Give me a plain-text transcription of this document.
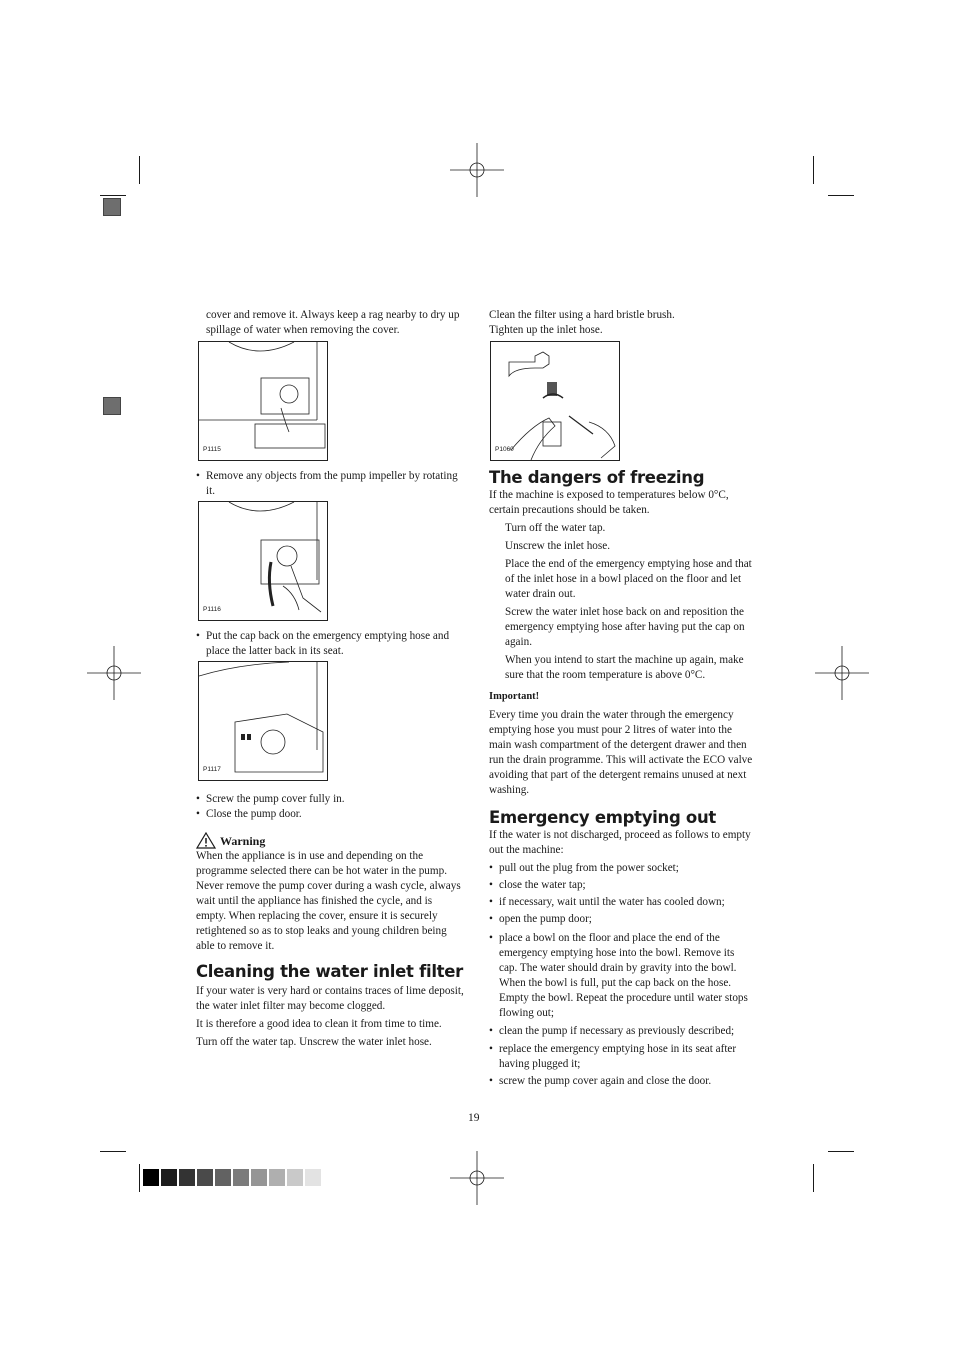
cover and remove it. Always keep a rag nearby to dry up spillage of water when removing the cover.

P1115

• Remove any objects from the pump impeller by rotating it.

P1116

• Put the cap back on the emergency emptying hose and place the latter back in its seat.

P1117

• Screw the pump cover fully in.

• Close the pump door.

Warning

When the appliance is in use and depending on the programme selected there can be hot water in the pump. Never remove the pump cover during a wash cycle, always wait until the appliance has finished the cycle, and is empty. When replacing the cover, ensure it is securely retightened so as to stop leaks and young children being able to remove it.

Cleaning the water inlet filter

If your water is very hard or contains traces of lime deposit, the water inlet filter may become clogged.

It is therefore a good idea to clean it from time to time.

Turn off the water tap. Unscrew the water inlet hose.

Clean the filter using a hard bristle brush.

Tighten up the inlet hose.

P1060
The dangers of freezing

If the machine is exposed to temperatures below 0°C, certain precautions should be taken.

Turn off the water tap.

Unscrew the inlet hose.

Place the end of the emergency emptying hose and that of the inlet hose in a bowl placed on the floor and let water drain out.

Screw the water inlet hose back on and reposition the emergency emptying hose after having put the cap on again.

When you intend to start the machine up again, make sure that the room temperature is above 0°C.

Important!

Every time you drain the water through the emergency emptying hose you must pour 2 litres of water into the main wash compartment of the detergent drawer and then run the drain programme. This will activate the ECO valve avoiding that part of the detergent remains unused at next washing.

Emergency emptying out

If the water is not discharged, proceed as follows to empty out the machine:

• pull out the plug from the power socket;

• close the water tap;

• if necessary, wait until the water has cooled down;

• open the pump door;

• place a bowl on the floor and place the end of the emergency emptying hose into the bowl. Remove its cap. The water should drain by gravity into the bowl. When the bowl is full, put the cap back on the hose. Empty the bowl. Repeat the procedure until water stops flowing out;

• clean the pump if necessary as previously described;

• replace the emergency emptying hose in its seat after having plugged it;

• screw the pump cover again and close the door.

19
